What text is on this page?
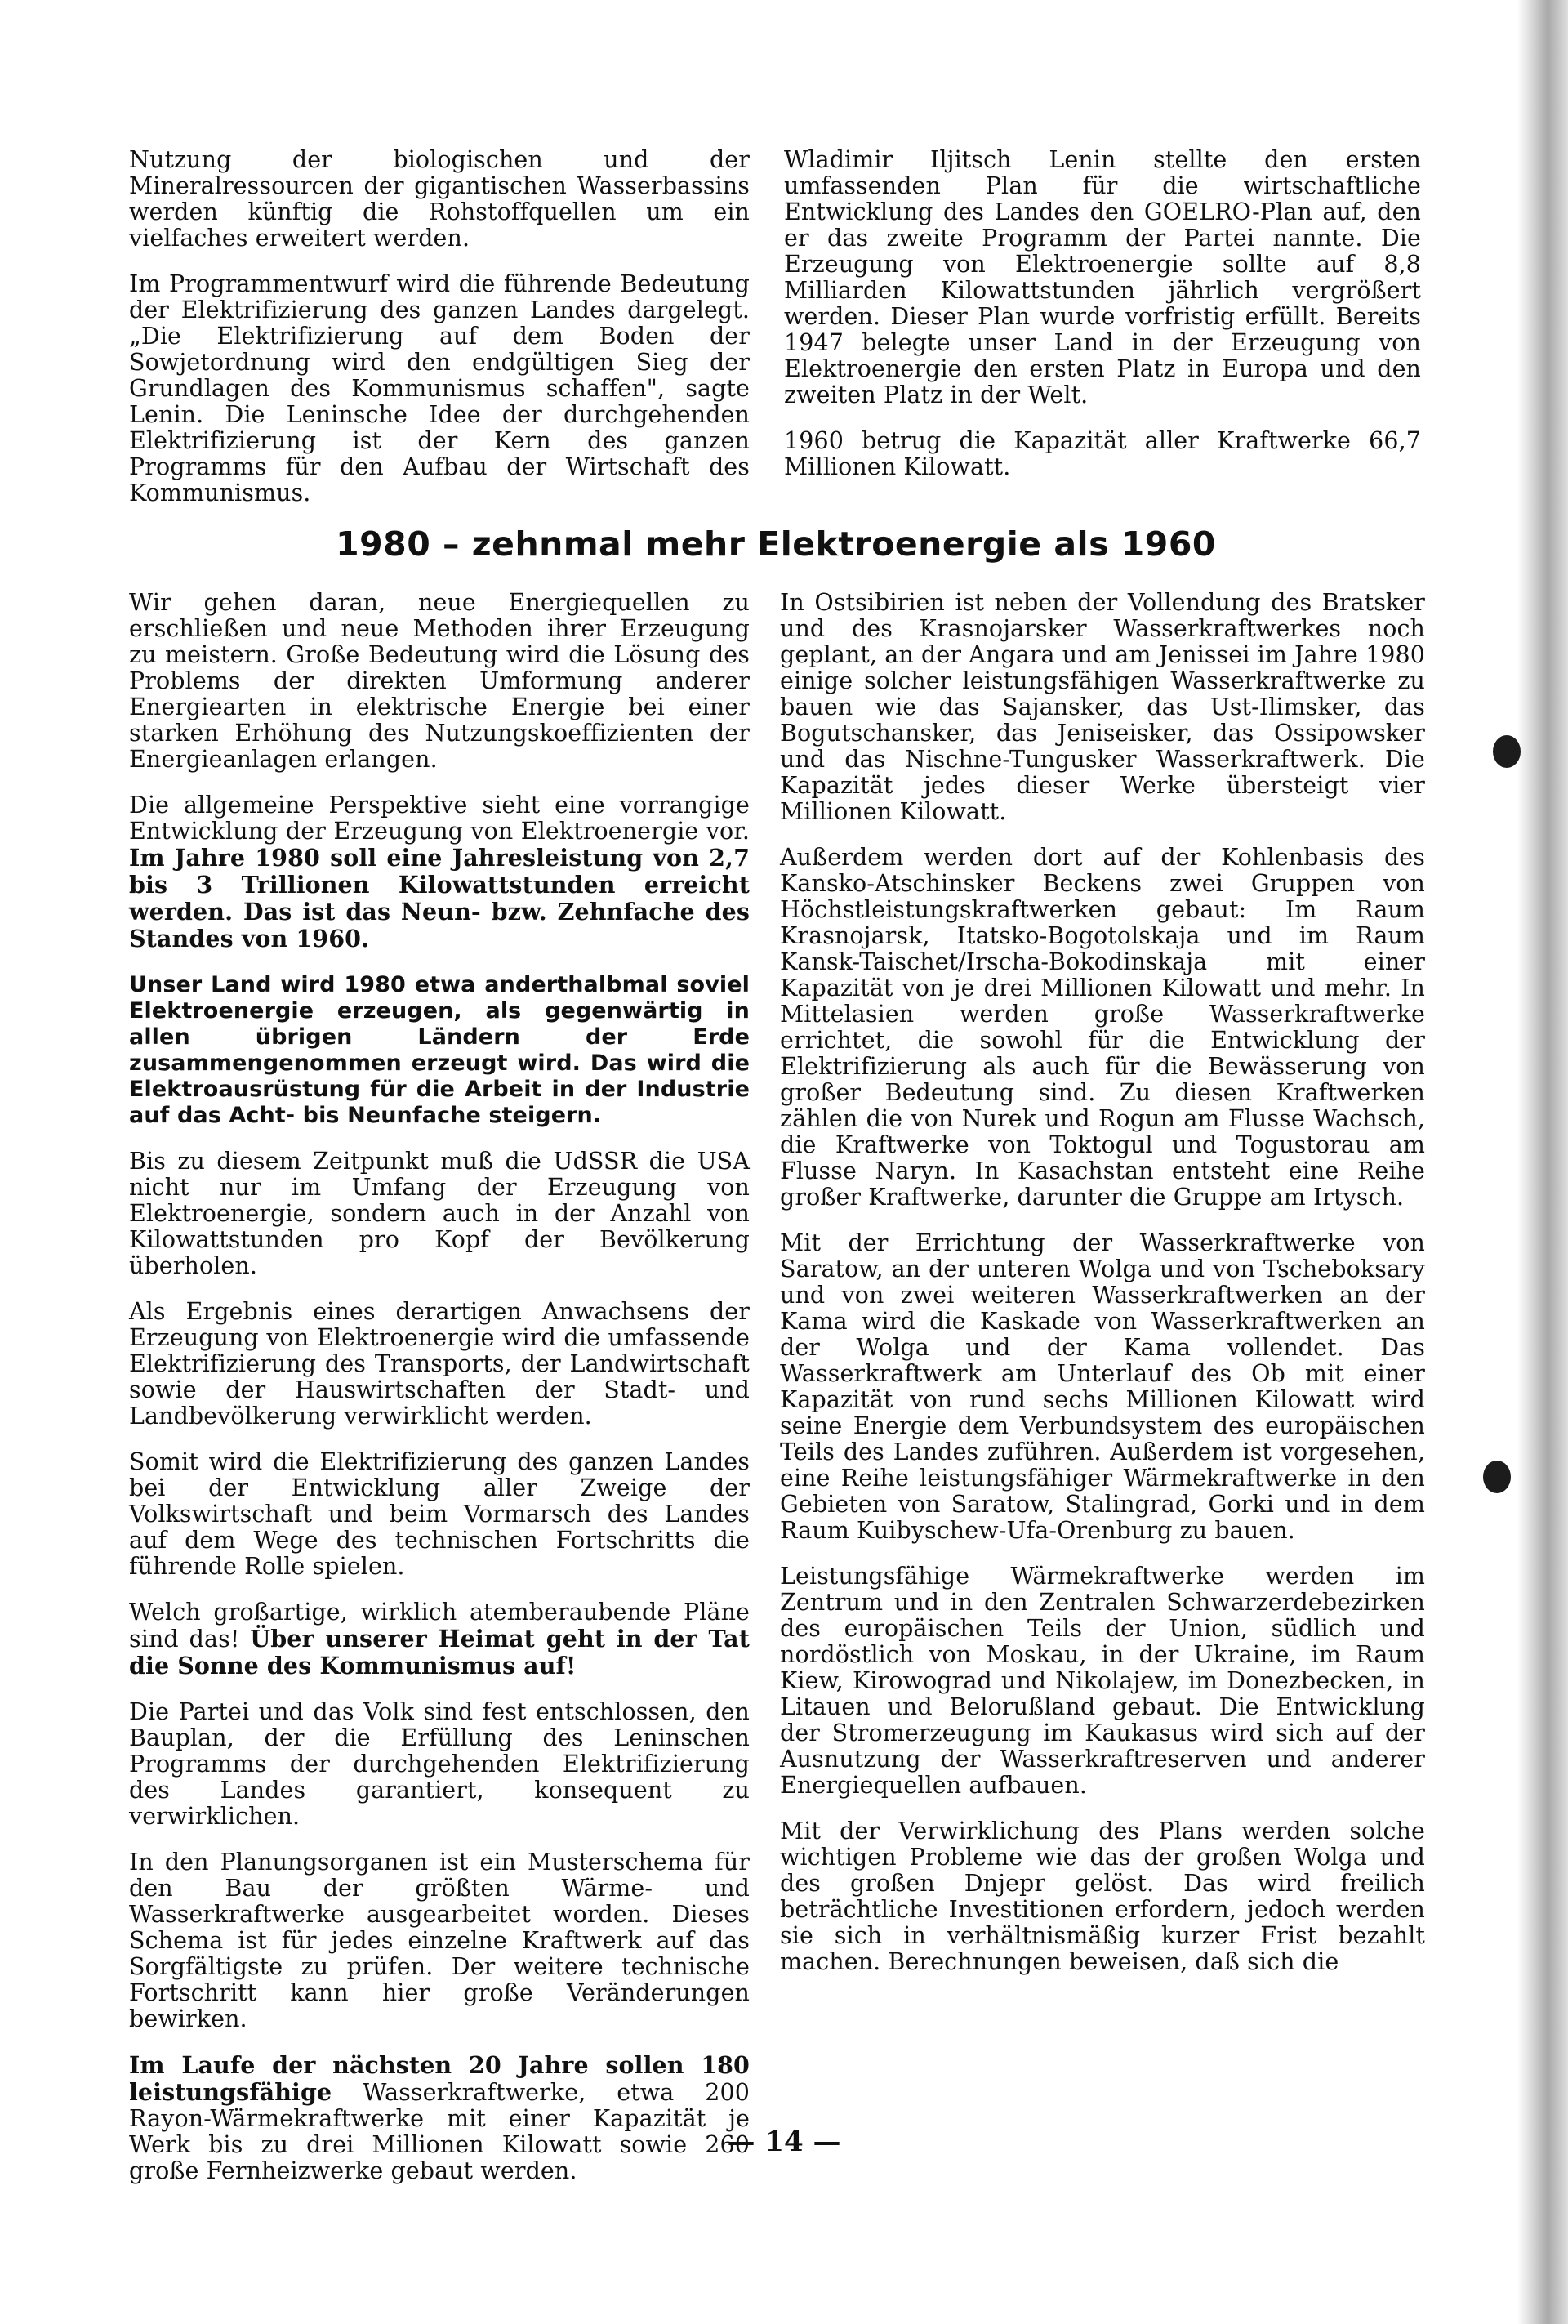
Nutzung der biologischen und der Mineralressourcen der gigantischen Wasserbassins werden künftig die Rohstoffquellen um ein vielfaches erweitert werden.

Im Programmentwurf wird die führende Bedeutung der Elektrifizierung des ganzen Landes dargelegt. „Die Elektrifizierung auf dem Boden der Sowjetordnung wird den endgültigen Sieg der Grundlagen des Kommunismus schaffen", sagte Lenin. Die Leninsche Idee der durchgehenden Elektrifizierung ist der Kern des ganzen Programms für den Aufbau der Wirtschaft des Kommunismus.

Wladimir Iljitsch Lenin stellte den ersten umfassenden Plan für die wirtschaftliche Entwicklung des Landes den GOELRO-Plan auf, den er das zweite Programm der Partei nannte. Die Erzeugung von Elektroenergie sollte auf 8,8 Milliarden Kilowattstunden jährlich vergrößert werden. Dieser Plan wurde vorfristig erfüllt. Bereits 1947 belegte unser Land in der Erzeugung von Elektroenergie den ersten Platz in Europa und den zweiten Platz in der Welt.

1960 betrug die Kapazität aller Kraftwerke 66,7 Millionen Kilowatt.

1980 – zehnmal mehr Elektroenergie als 1960

Wir gehen daran, neue Energiequellen zu erschließen und neue Methoden ihrer Erzeugung zu meistern. Große Bedeutung wird die Lösung des Problems der direkten Umformung anderer Energiearten in elektrische Energie bei einer starken Erhöhung des Nutzungskoeffizienten der Energieanlagen erlangen.

Die allgemeine Perspektive sieht eine vorrangige Entwicklung der Erzeugung von Elektroenergie vor. Im Jahre 1980 soll eine Jahresleistung von 2,7 bis 3 Trillionen Kilowattstunden erreicht werden. Das ist das Neun- bzw. Zehnfache des Standes von 1960.

Unser Land wird 1980 etwa anderthalbmal soviel Elektroenergie erzeugen, als gegenwärtig in allen übrigen Ländern der Erde zusammengenommen erzeugt wird. Das wird die Elektroausrüstung für die Arbeit in der Industrie auf das Acht- bis Neunfache steigern.

Bis zu diesem Zeitpunkt muß die UdSSR die USA nicht nur im Umfang der Erzeugung von Elektroenergie, sondern auch in der Anzahl von Kilowattstunden pro Kopf der Bevölkerung überholen.

Als Ergebnis eines derartigen Anwachsens der Erzeugung von Elektroenergie wird die umfassende Elektrifizierung des Transports, der Landwirtschaft sowie der Hauswirtschaften der Stadt- und Landbevölkerung verwirklicht werden.

Somit wird die Elektrifizierung des ganzen Landes bei der Entwicklung aller Zweige der Volkswirtschaft und beim Vormarsch des Landes auf dem Wege des technischen Fortschritts die führende Rolle spielen.

Welch großartige, wirklich atemberaubende Pläne sind das! Über unserer Heimat geht in der Tat die Sonne des Kommunismus auf!

Die Partei und das Volk sind fest entschlossen, den Bauplan, der die Erfüllung des Leninschen Programms der durchgehenden Elektrifizierung des Landes garantiert, konsequent zu verwirklichen.

In den Planungsorganen ist ein Musterschema für den Bau der größten Wärme- und Wasserkraftwerke ausgearbeitet worden. Dieses Schema ist für jedes einzelne Kraftwerk auf das Sorgfältigste zu prüfen. Der weitere technische Fortschritt kann hier große Veränderungen bewirken.

Im Laufe der nächsten 20 Jahre sollen 180 leistungsfähige Wasserkraftwerke, etwa 200 Rayon-Wärmekraftwerke mit einer Kapazität je Werk bis zu drei Millionen Kilowatt sowie 260 große Fernheizwerke gebaut werden.

In Ostsibirien ist neben der Vollendung des Bratsker und des Krasnojarsker Wasserkraftwerkes noch geplant, an der Angara und am Jenissei im Jahre 1980 einige solcher leistungsfähigen Wasserkraftwerke zu bauen wie das Sajansker, das Ust-Ilimsker, das Bogutschansker, das Jeniseisker, das Ossipowsker und das Nischne-Tungusker Wasserkraftwerk. Die Kapazität jedes dieser Werke übersteigt vier Millionen Kilowatt.

Außerdem werden dort auf der Kohlenbasis des Kansko-Atschinsker Beckens zwei Gruppen von Höchstleistungskraftwerken gebaut: Im Raum Krasnojarsk, Itatsko-Bogotolskaja und im Raum Kansk-Taischet/Irscha-Bokodinskaja mit einer Kapazität von je drei Millionen Kilowatt und mehr. In Mittelasien werden große Wasserkraftwerke errichtet, die sowohl für die Entwicklung der Elektrifizierung als auch für die Bewässerung von großer Bedeutung sind. Zu diesen Kraftwerken zählen die von Nurek und Rogun am Flusse Wachsch, die Kraftwerke von Toktogul und Togustorau am Flusse Naryn. In Kasachstan entsteht eine Reihe großer Kraftwerke, darunter die Gruppe am Irtysch.

Mit der Errichtung der Wasserkraftwerke von Saratow, an der unteren Wolga und von Tscheboksary und von zwei weiteren Wasserkraftwerken an der Kama wird die Kaskade von Wasserkraftwerken an der Wolga und der Kama vollendet. Das Wasserkraftwerk am Unterlauf des Ob mit einer Kapazität von rund sechs Millionen Kilowatt wird seine Energie dem Verbundsystem des europäischen Teils des Landes zuführen. Außerdem ist vorgesehen, eine Reihe leistungsfähiger Wärmekraftwerke in den Gebieten von Saratow, Stalingrad, Gorki und in dem Raum Kuibyschew-Ufa-Orenburg zu bauen.

Leistungsfähige Wärmekraftwerke werden im Zentrum und in den Zentralen Schwarzerdebezirken des europäischen Teils der Union, südlich und nordöstlich von Moskau, in der Ukraine, im Raum Kiew, Kirowograd und Nikolajew, im Donezbecken, in Litauen und Belorußland gebaut. Die Entwicklung der Stromerzeugung im Kaukasus wird sich auf der Ausnutzung der Wasserkraftreserven und anderer Energiequellen aufbauen.

Mit der Verwirklichung des Plans werden solche wichtigen Probleme wie das der großen Wolga und des großen Dnjepr gelöst. Das wird freilich beträchtliche Investitionen erfordern, jedoch werden sie sich in verhältnismäßig kurzer Frist bezahlt machen. Berechnungen beweisen, daß sich die

— 14 —
